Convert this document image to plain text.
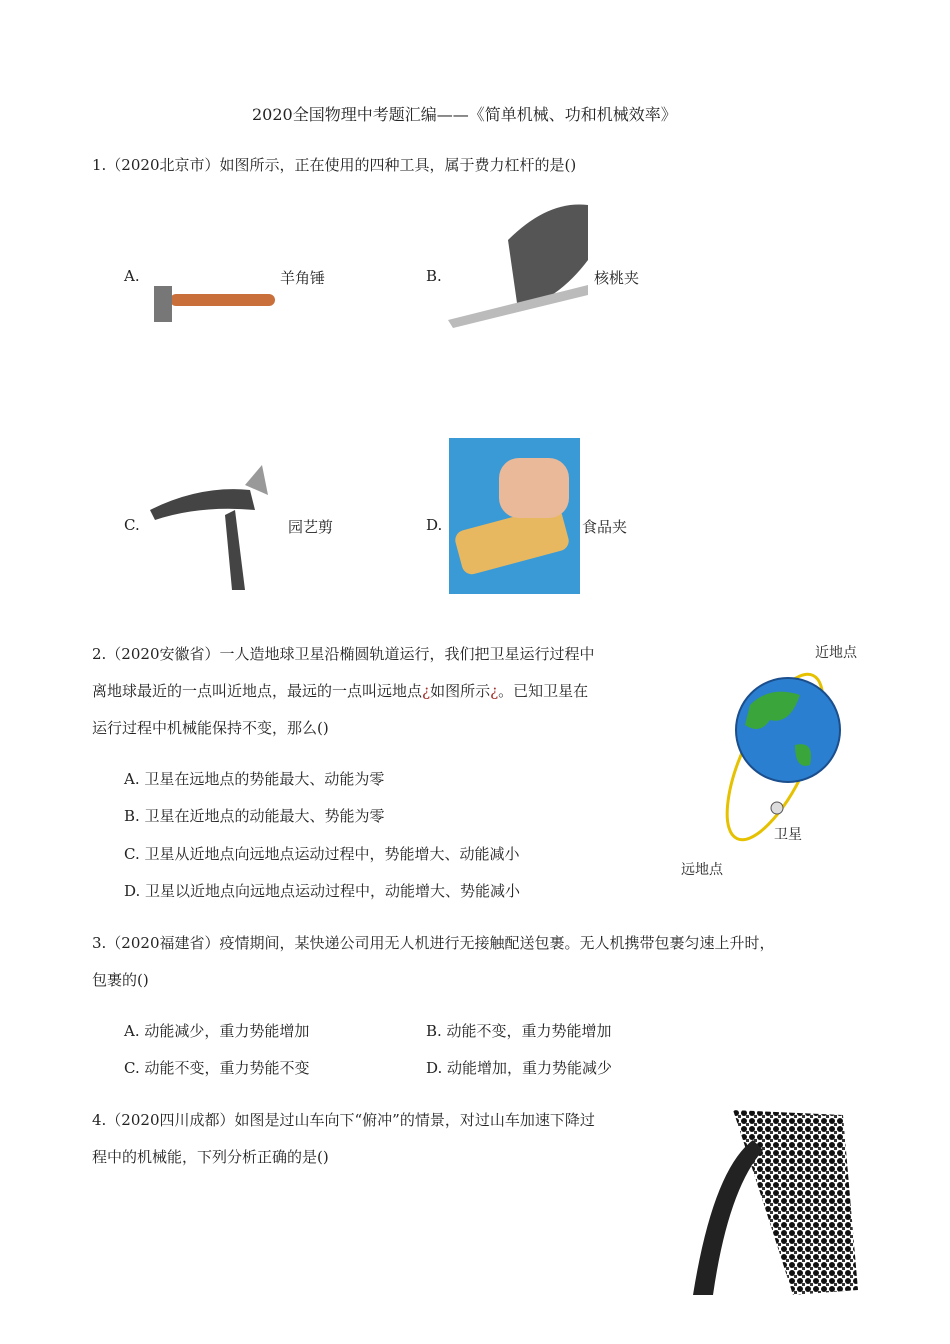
2020全国物理中考题汇编——《简单机械、功和机械效率》
1.（2020北京市）如图所示，正在使用的四种工具，属于费力杠杆的是()
A.	羊角锤	B.	核桃夹
C.	园艺剪	D.	食品夹
2.（2020安徽省）一人造地球卫星沿椭圆轨道运行，我们把卫星运行过程中
离地球最近的一点叫近地点，最远的一点叫远地点¿如图所示¿。已知卫星在
运行过程中机械能保持不变，那么()
A. 卫星在远地点的势能最大、动能为零
B. 卫星在近地点的动能最大、势能为零
C. 卫星从近地点向远地点运动过程中，势能增大、动能减小
D. 卫星以近地点向远地点运动过程中，动能增大、势能减小
近地点
卫星
远地点
3.（2020福建省）疫情期间，某快递公司用无人机进行无接触配送包裹。无人机携带包裹匀速上升时，
包裹的()
A. 动能减少，重力势能增加	B. 动能不变，重力势能增加
C. 动能不变，重力势能不变	D. 动能增加，重力势能减少
4.（2020四川成都）如图是过山车向下“俯冲”的情景，对过山车加速下降过
程中的机械能，下列分析正确的是()
